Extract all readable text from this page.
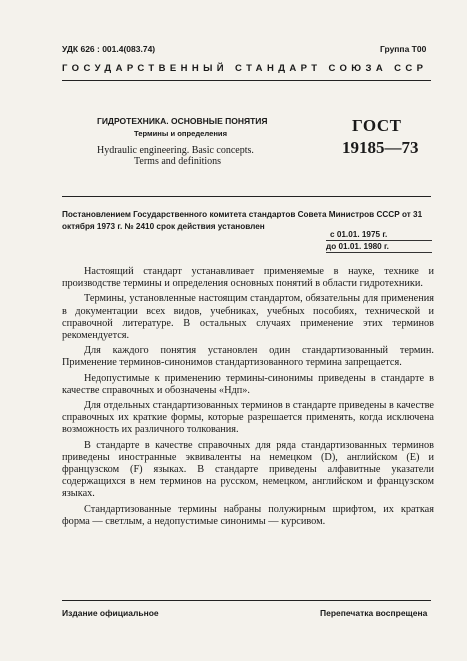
УДК 626 : 001.4(083.74)	Группа Т00
ГОСУДАРСТВЕННЫЙ СТАНДАРТ СОЮЗА ССР
ГИДРОТЕХНИКА. ОСНОВНЫЕ ПОНЯТИЯ
Термины и определения
Hydraulic engineering. Basic concepts.
Terms and definitions
ГОСТ
19185—73
Постановлением Государственного комитета стандартов Совета Министров СССР от 31 октября 1973 г. № 2410 срок действия установлен
с 01.01. 1975 г.
до 01.01. 1980 г.

Настоящий стандарт устанавливает применяемые в науке, технике и производстве термины и определения основных понятий в области гидротехники.

Термины, установленные настоящим стандартом, обязательны для применения в документации всех видов, учебниках, учебных пособиях, технической и справочной литературе. В остальных случаях применение этих терминов рекомендуется.

Для каждого понятия установлен один стандартизованный термин. Применение терминов-синонимов стандартизованного термина запрещается.

Недопустимые к применению термины-синонимы приведены в стандарте в качестве справочных и обозначены «Ндп».

Для отдельных стандартизованных терминов в стандарте приведены в качестве справочных их краткие формы, которые разрешается применять, когда исключена возможность их различного толкования.

В стандарте в качестве справочных для ряда стандартизованных терминов приведены иностранные эквиваленты на немецком (D), английском (E) и французском (F) языках. В стандарте приведены алфавитные указатели содержащихся в нем терминов на русском, немецком, английском и французском языках.

Стандартизованные термины набраны полужирным шрифтом, их краткая форма — светлым, а недопустимые синонимы — курсивом.

Издание официальное	Перепечатка воспрещена
